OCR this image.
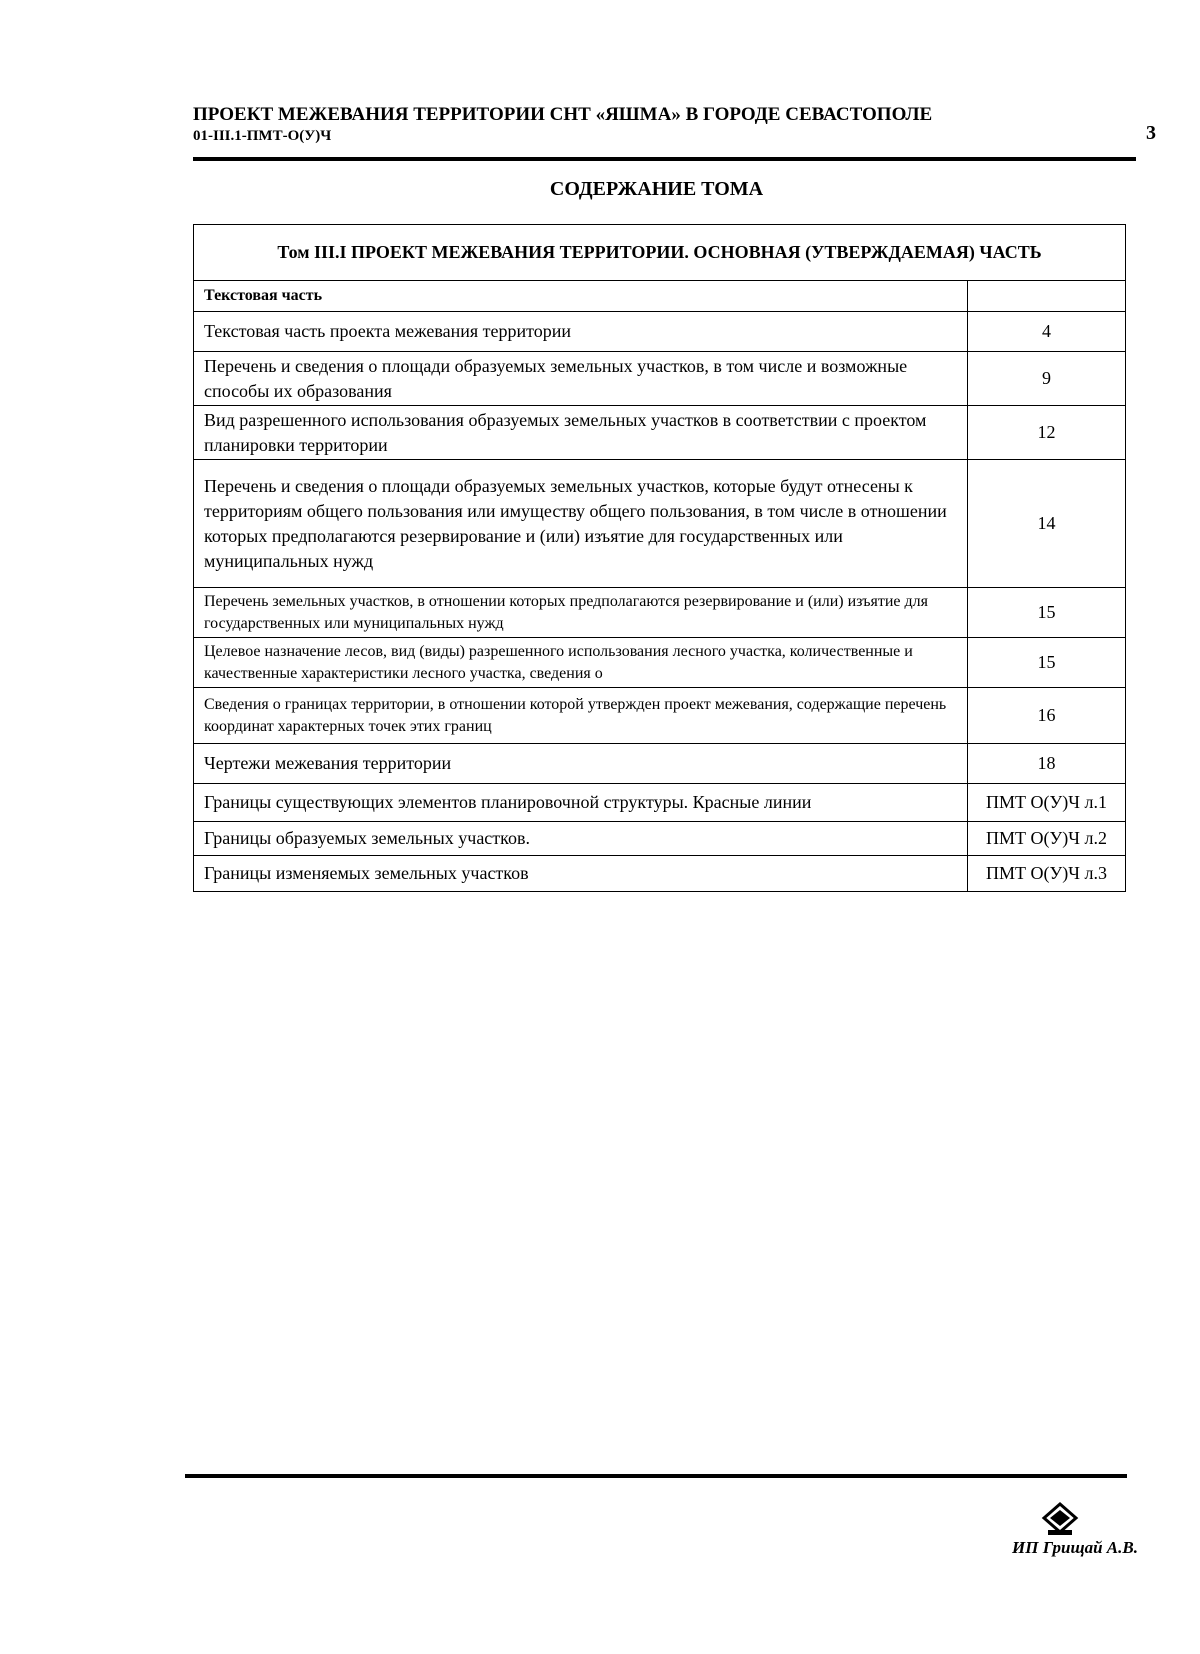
ПРОЕКТ МЕЖЕВАНИЯ ТЕРРИТОРИИ СНТ «ЯШМА» В ГОРОДЕ СЕВАСТОПОЛЕ
01-III.1-ПМТ-О(У)Ч	3
СОДЕРЖАНИЕ ТОМА
Том III.I ПРОЕКТ МЕЖЕВАНИЯ ТЕРРИТОРИИ. ОСНОВНАЯ (УТВЕРЖДАЕМАЯ) ЧАСТЬ	
Текстовая часть	
Текстовая часть проекта межевания территории	4
Перечень и сведения о площади образуемых земельных участков, в том числе и возможные способы их образования	9
Вид разрешенного использования образуемых земельных участков в соответствии с проектом планировки территории	12
Перечень и сведения о площади образуемых земельных участков, которые будут отнесены к территориям общего пользования или имуществу общего пользования, в том числе в отношении которых предполагаются резервирование и (или) изъятие для государственных или муниципальных нужд	14
Перечень земельных участков, в отношении которых предполагаются резервирование и (или) изъятие для государственных или муниципальных нужд	15
Целевое назначение лесов, вид (виды) разрешенного использования лесного участка, количественные и качественные характеристики лесного участка, сведения о	15
Сведения о границах территории, в отношении которой утвержден проект межевания, содержащие перечень координат характерных точек этих границ	16
Чертежи межевания территории	18
Границы существующих элементов планировочной структуры. Красные линии	ПМТ О(У)Ч л.1
Границы образуемых земельных участков.	ПМТ О(У)Ч л.2
Границы изменяемых земельных участков	ПМТ О(У)Ч л.3
ИП Грищай А.В.
